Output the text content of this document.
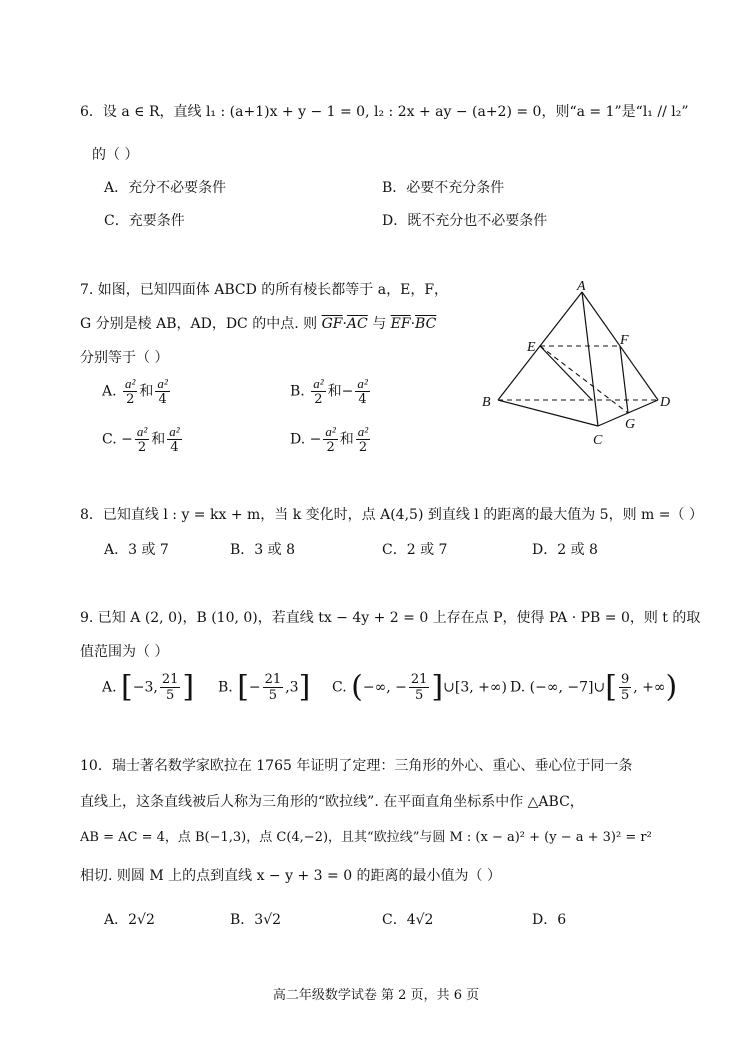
6．设 a ∈ R，直线 l₁ : (a+1)x + y − 1 = 0, l₂ : 2x + ay − (a+2) = 0，则“a = 1”是“l₁ // l₂”
的（ ）
A．充分不必要条件	B．必要不充分条件
C．充要条件	D．既不充分也不必要条件
7. 如图，已知四面体 ABCD 的所有棱长都等于 a，E，F，
G 分别是棱 AB，AD，DC 的中点. 则 $\overline{GF}\cdot\overline{AC}$ 与 $\overline{EF}\cdot\overline{BC}$
分别等于（ ）
A. $\frac{\text{a²}}{2}$ 和 $\frac{\text{a²}}{4}$	B. $\frac{\text{a²}}{2}$ 和− $\frac{\text{a²}}{4}$
C. − $\frac{\text{a²}}{2}$ 和 $\frac{\text{a²}}{4}$	D. − $\frac{\text{a²}}{2}$ 和 $\frac{\text{a²}}{2}$
A
E	F
B	D
C
G
8．已知直线 l : y = kx + m，当 k 变化时，点 A(4,5) 到直线 l 的距离的最大值为 5，则 m =（ ）
A．3 或 7	B．3 或 8	C．2 或 7	D．2 或 8
9. 已知 A (2, 0)，B (10, 0)，若直线 tx − 4y + 2 = 0 上存在点 P，使得 PA · PB = 0，则 t 的取
值范围为（ ）
A. [−3, $\frac{21}{5}$ ] B. [− $\frac{21}{5} ,3$] C. (−∞, − $\frac{21}{5}$ ]∪[3, +∞) D. (−∞, −7]∪[ $\frac{9}{5}$ , +∞)
10．瑞士著名数学家欧拉在 1765 年证明了定理：三角形的外心、重心、垂心位于同一条
直线上，这条直线被后人称为三角形的“欧拉线”. 在平面直角坐标系中作 △ABC，
AB = AC = 4，点 B(−1,3)，点 C(4,−2)，且其“欧拉线”与圆 M : (x − a)² + (y − a + 3)² = r²
相切. 则圆 M 上的点到直线 x − y + 3 = 0 的距离的最小值为（ ）
A．2√2	B．3√2	C．4√2	D．6
高二年级数学试卷 第 2 页，共 6 页
